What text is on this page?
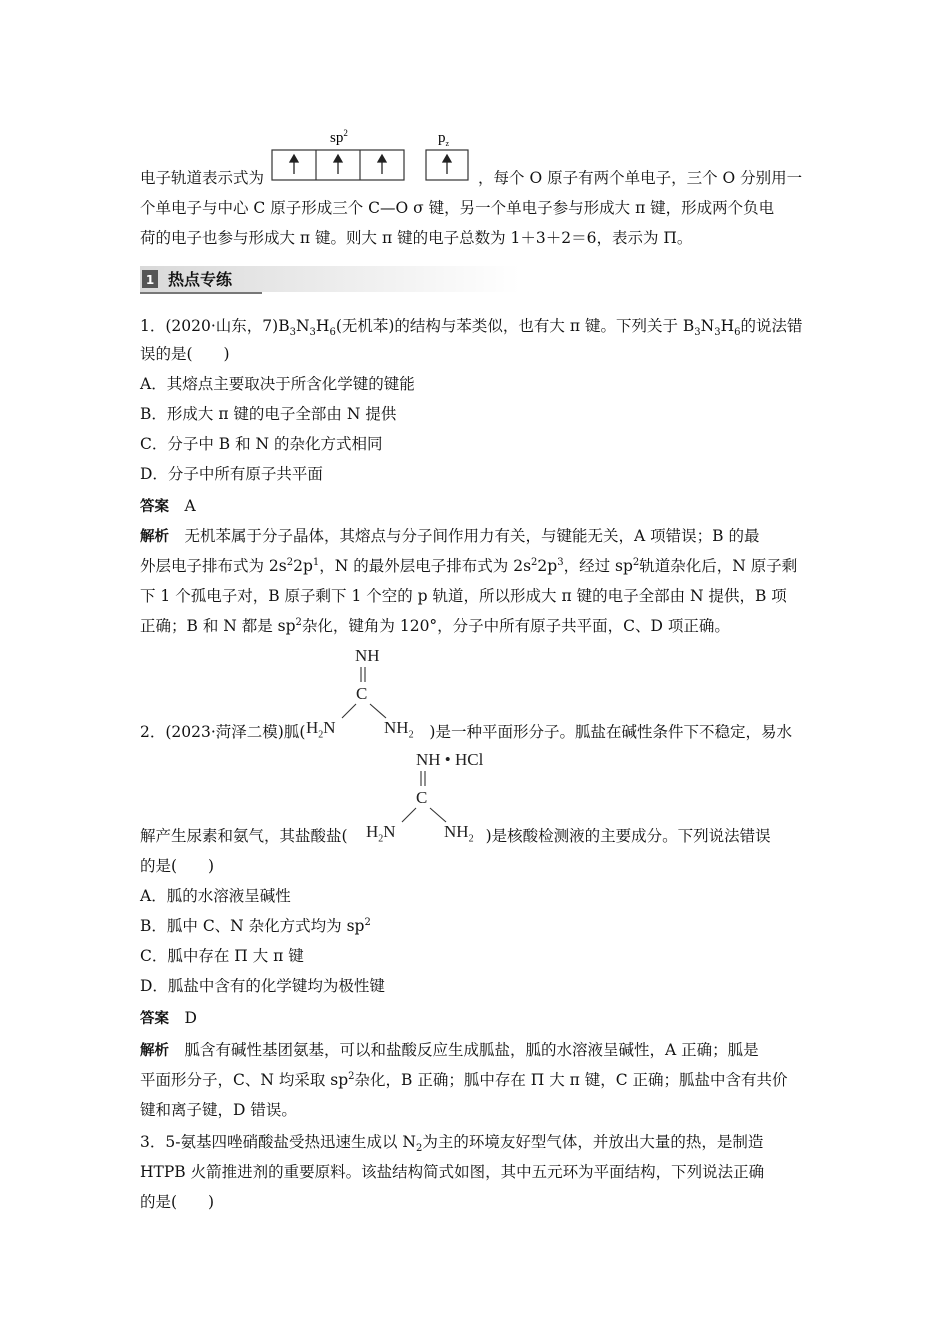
$sp^2$	$p_z$
电子轨道表示式为	，每个 O 原子有两个单电子，三个 O 分别用一
个单电子与中心 C 原子形成三个 C—O σ 键，另一个单电子参与形成大 π 键，形成两个负电
荷的电子也参与形成大 π 键。则大 π 键的电子总数为 1＋3＋2＝6，表示为 Π。
1 热点专练
1．(2020·山东，$7)B_3N_3H_6$(无机苯)的结构与苯类似，也有大 π 键。下列关于 $B_3N_3H_6$的说法错
误的是(　　)
A．其熔点主要取决于所含化学键的键能
B．形成大 π 键的电子全部由 N 提供
C．分子中 B 和 N 的杂化方式相同
D．分子中所有原子共平面
答案　 A
解析　 无机苯属于分子晶体，其熔点与分子间作用力有关，与键能无关，A 项错误；B 的最
外层电子排布式为 $2s^22p^1$，N 的最外层电子排布式为 $2s^22p^3$，经过 $sp^2$轨道杂化后，N 原子剩
下 1 个孤电子对，B 原子剩下 1 个空的 p 轨道，所以形成大 π 键的电子全部由 N 提供，B 项
正确；B 和 N 都是 $sp^2$杂化，键角为 120°，分子中所有原子共平面，C、D 项正确。
NH
C
$H_2N$	$NH_2$
2．(2023·菏泽二模)胍(	)是一种平面形分子。胍盐在碱性条件下不稳定，易水
NH • HCl
C
$H_2N$	$NH_2$
解产生尿素和氨气，其盐酸盐(	)是核酸检测液的主要成分。下列说法错误
的是(　　)
A．胍的水溶液呈碱性
B．胍中 C、N 杂化方式均为 $sp^2$
C．胍中存在 Π 大 π 键
D．胍盐中含有的化学键均为极性键
答案　 D
解析　 胍含有碱性基团氨基，可以和盐酸反应生成胍盐，胍的水溶液呈碱性，A 正确；胍是
平面形分子，C、N 均采取 $sp^2$杂化，B 正确；胍中存在 Π 大 π 键，C 正确；胍盐中含有共价
键和离子键，D 错误。
3．5-氨基四唑硝酸盐受热迅速生成以 $N_2$为主的环境友好型气体，并放出大量的热，是制造
HTPB 火箭推进剂的重要原料。该盐结构简式如图，其中五元环为平面结构，下列说法正确
的是(　　)
